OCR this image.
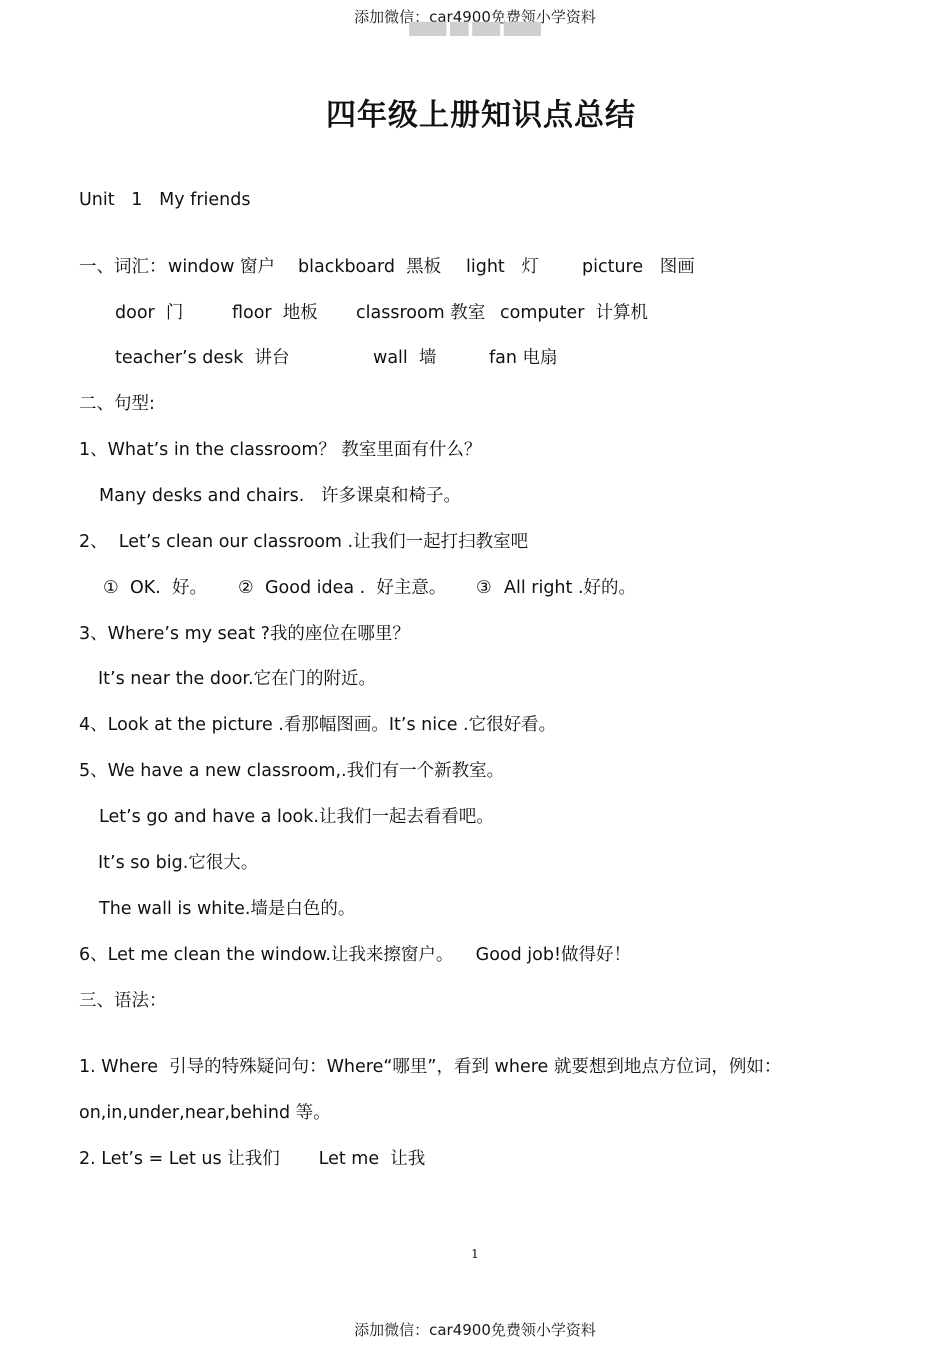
添加微信：car4900免费领小学资料
████ ██ ███ ████
四年级上册知识点总结
Unit   1   My friends
一、词汇： window 窗户 blackboard  黑板 light   灯 picture   图画
door  门	floor  地板 classroom 教室 computer  计算机
teacher’s desk  讲台	wall  墙	fan 电扇
二、句型:
1、What’s in the classroom？ 教室里面有什么？
Many desks and chairs.   许多课桌和椅子。
2、  Let’s clean our classroom .让我们一起打扫教室吧
① OK.  好。 ② Good idea .  好主意。 ③ All right .好的。
3、Where’s my seat ?我的座位在哪里？
It’s near the door.它在门的附近。
4、Look at the picture .看那幅图画。It’s nice .它很好看。
5、We have a new classroom,.我们有一个新教室。
Let’s go and have a look.让我们一起去看看吧。
It’s so big.它很大。
The wall is white.墙是白色的。
6、Let me clean the window.让我来擦窗户。    Good job!做得好！
三、语法：
1. Where  引导的特殊疑问句：Where“哪里”，看到 where 就要想到地点方位词，例如：
on,in,under,near,behind 等。
2. Let’s = Let us 让我们       Let me  让我
1
添加微信：car4900免费领小学资料
